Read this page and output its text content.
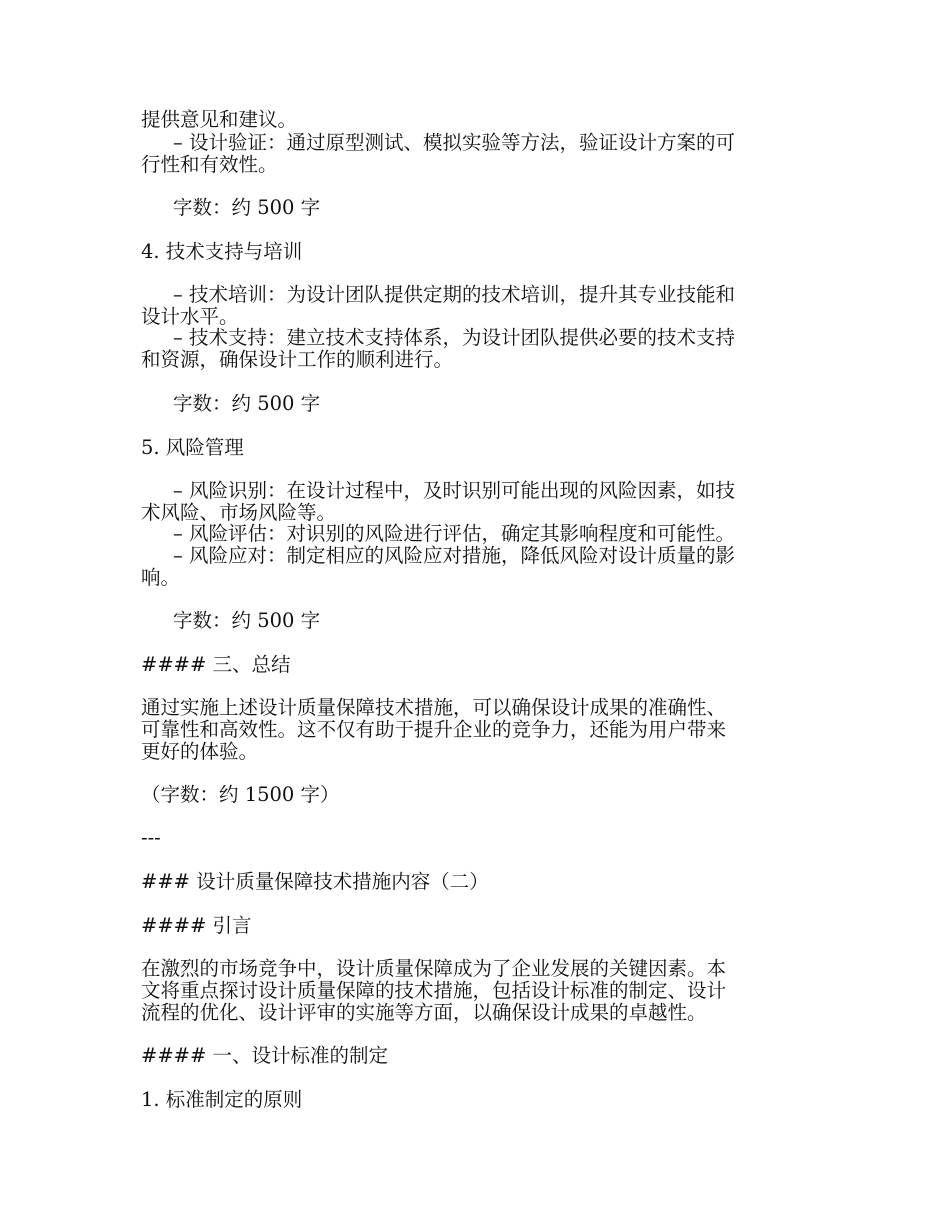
提供意见和建议。

– 设计验证：通过原型测试、模拟实验等方法，验证设计方案的可

行性和有效性。

字数：约 500 字

4. 技术支持与培训

– 技术培训：为设计团队提供定期的技术培训，提升其专业技能和

设计水平。

– 技术支持：建立技术支持体系，为设计团队提供必要的技术支持

和资源，确保设计工作的顺利进行。

字数：约 500 字

5. 风险管理

– 风险识别：在设计过程中，及时识别可能出现的风险因素，如技

术风险、市场风险等。

– 风险评估：对识别的风险进行评估，确定其影响程度和可能性。

– 风险应对：制定相应的风险应对措施，降低风险对设计质量的影

响。

字数：约 500 字

#### 三、总结

通过实施上述设计质量保障技术措施，可以确保设计成果的准确性、

可靠性和高效性。这不仅有助于提升企业的竞争力，还能为用户带来

更好的体验。

（字数：约 1500 字）

---

### 设计质量保障技术措施内容（二）

#### 引言

在激烈的市场竞争中，设计质量保障成为了企业发展的关键因素。本

文将重点探讨设计质量保障的技术措施，包括设计标准的制定、设计

流程的优化、设计评审的实施等方面，以确保设计成果的卓越性。

#### 一、设计标准的制定

1. 标准制定的原则
